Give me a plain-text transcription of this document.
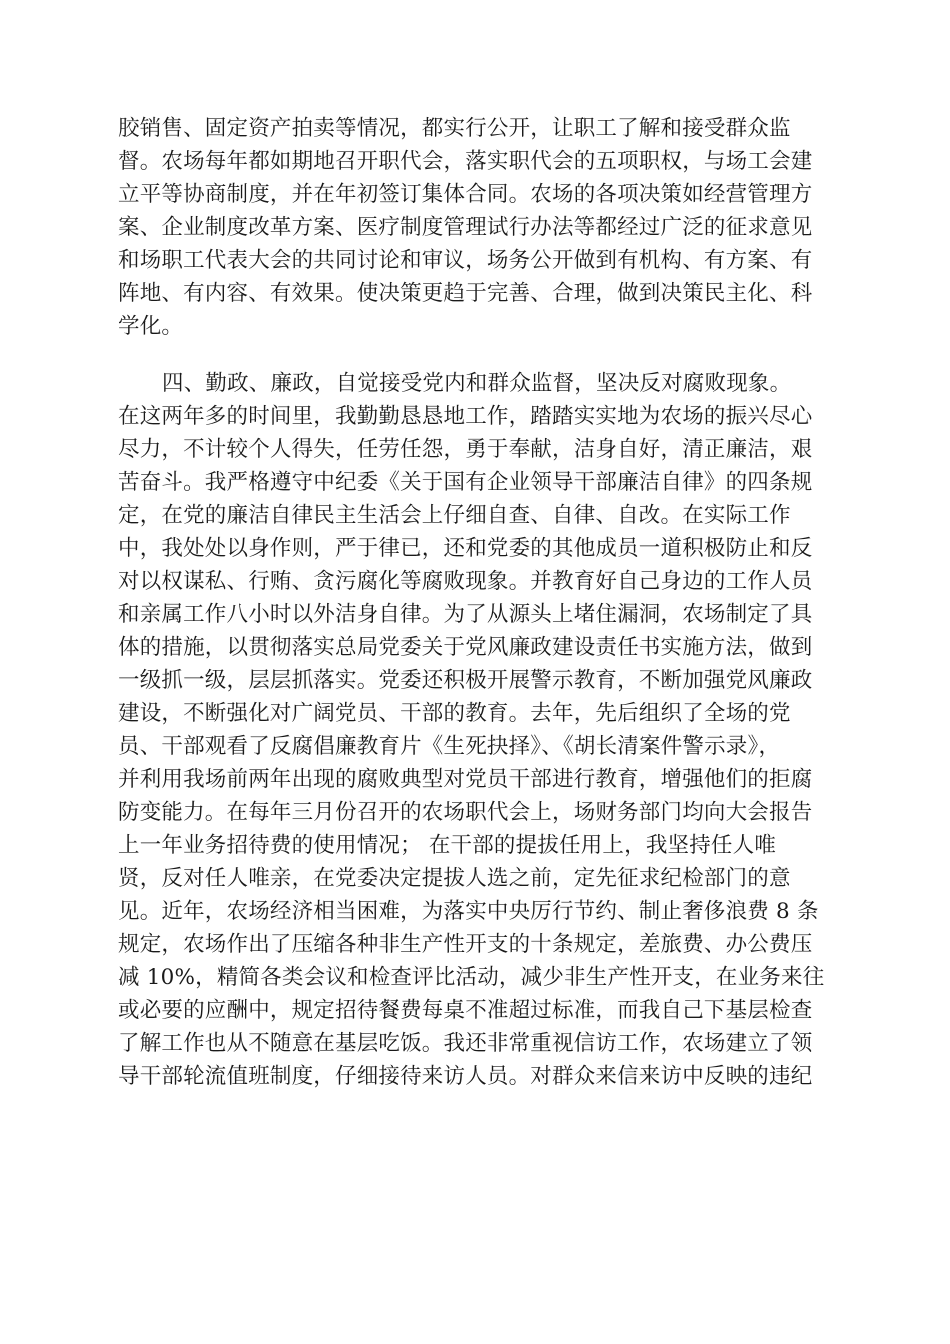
胶销售、固定资产拍卖等情况，都实行公开，让职工了解和接受群众监
督。农场每年都如期地召开职代会，落实职代会的五项职权，与场工会建
立平等协商制度，并在年初签订集体合同。农场的各项决策如经营管理方
案、企业制度改革方案、医疗制度管理试行办法等都经过广泛的征求意见
和场职工代表大会的共同讨论和审议，场务公开做到有机构、有方案、有
阵地、有内容、有效果。使决策更趋于完善、合理，做到决策民主化、科
学化。
四、勤政、廉政，自觉接受党内和群众监督，坚决反对腐败现象。
在这两年多的时间里，我勤勤恳恳地工作，踏踏实实地为农场的振兴尽心
尽力，不计较个人得失，任劳任怨，勇于奉献，洁身自好，清正廉洁，艰
苦奋斗。我严格遵守中纪委《关于国有企业领导干部廉洁自律》的四条规
定，在党的廉洁自律民主生活会上仔细自查、自律、自改。在实际工作
中，我处处以身作则，严于律已，还和党委的其他成员一道积极防止和反
对以权谋私、行贿、贪污腐化等腐败现象。并教育好自己身边的工作人员
和亲属工作八小时以外洁身自律。为了从源头上堵住漏洞，农场制定了具
体的措施，以贯彻落实总局党委关于党风廉政建设责任书实施方法，做到
一级抓一级，层层抓落实。党委还积极开展警示教育，不断加强党风廉政
建设，不断强化对广阔党员、干部的教育。去年，先后组织了全场的党
员、干部观看了反腐倡廉教育片《生死抉择》、《胡长清案件警示录》，
并利用我场前两年出现的腐败典型对党员干部进行教育，增强他们的拒腐
防变能力。在每年三月份召开的农场职代会上，场财务部门均向大会报告
上一年业务招待费的使用情况； 在干部的提拔任用上，我坚持任人唯
贤，反对任人唯亲，在党委决定提拔人选之前，定先征求纪检部门的意
见。近年，农场经济相当困难，为落实中央厉行节约、制止奢侈浪费 8 条
规定，农场作出了压缩各种非生产性开支的十条规定，差旅费、办公费压
减 10%，精简各类会议和检查评比活动，减少非生产性开支，在业务来往
或必要的应酬中，规定招待餐费每桌不准超过标准，而我自己下基层检查
了解工作也从不随意在基层吃饭。我还非常重视信访工作，农场建立了领
导干部轮流值班制度，仔细接待来访人员。对群众来信来访中反映的违纪
